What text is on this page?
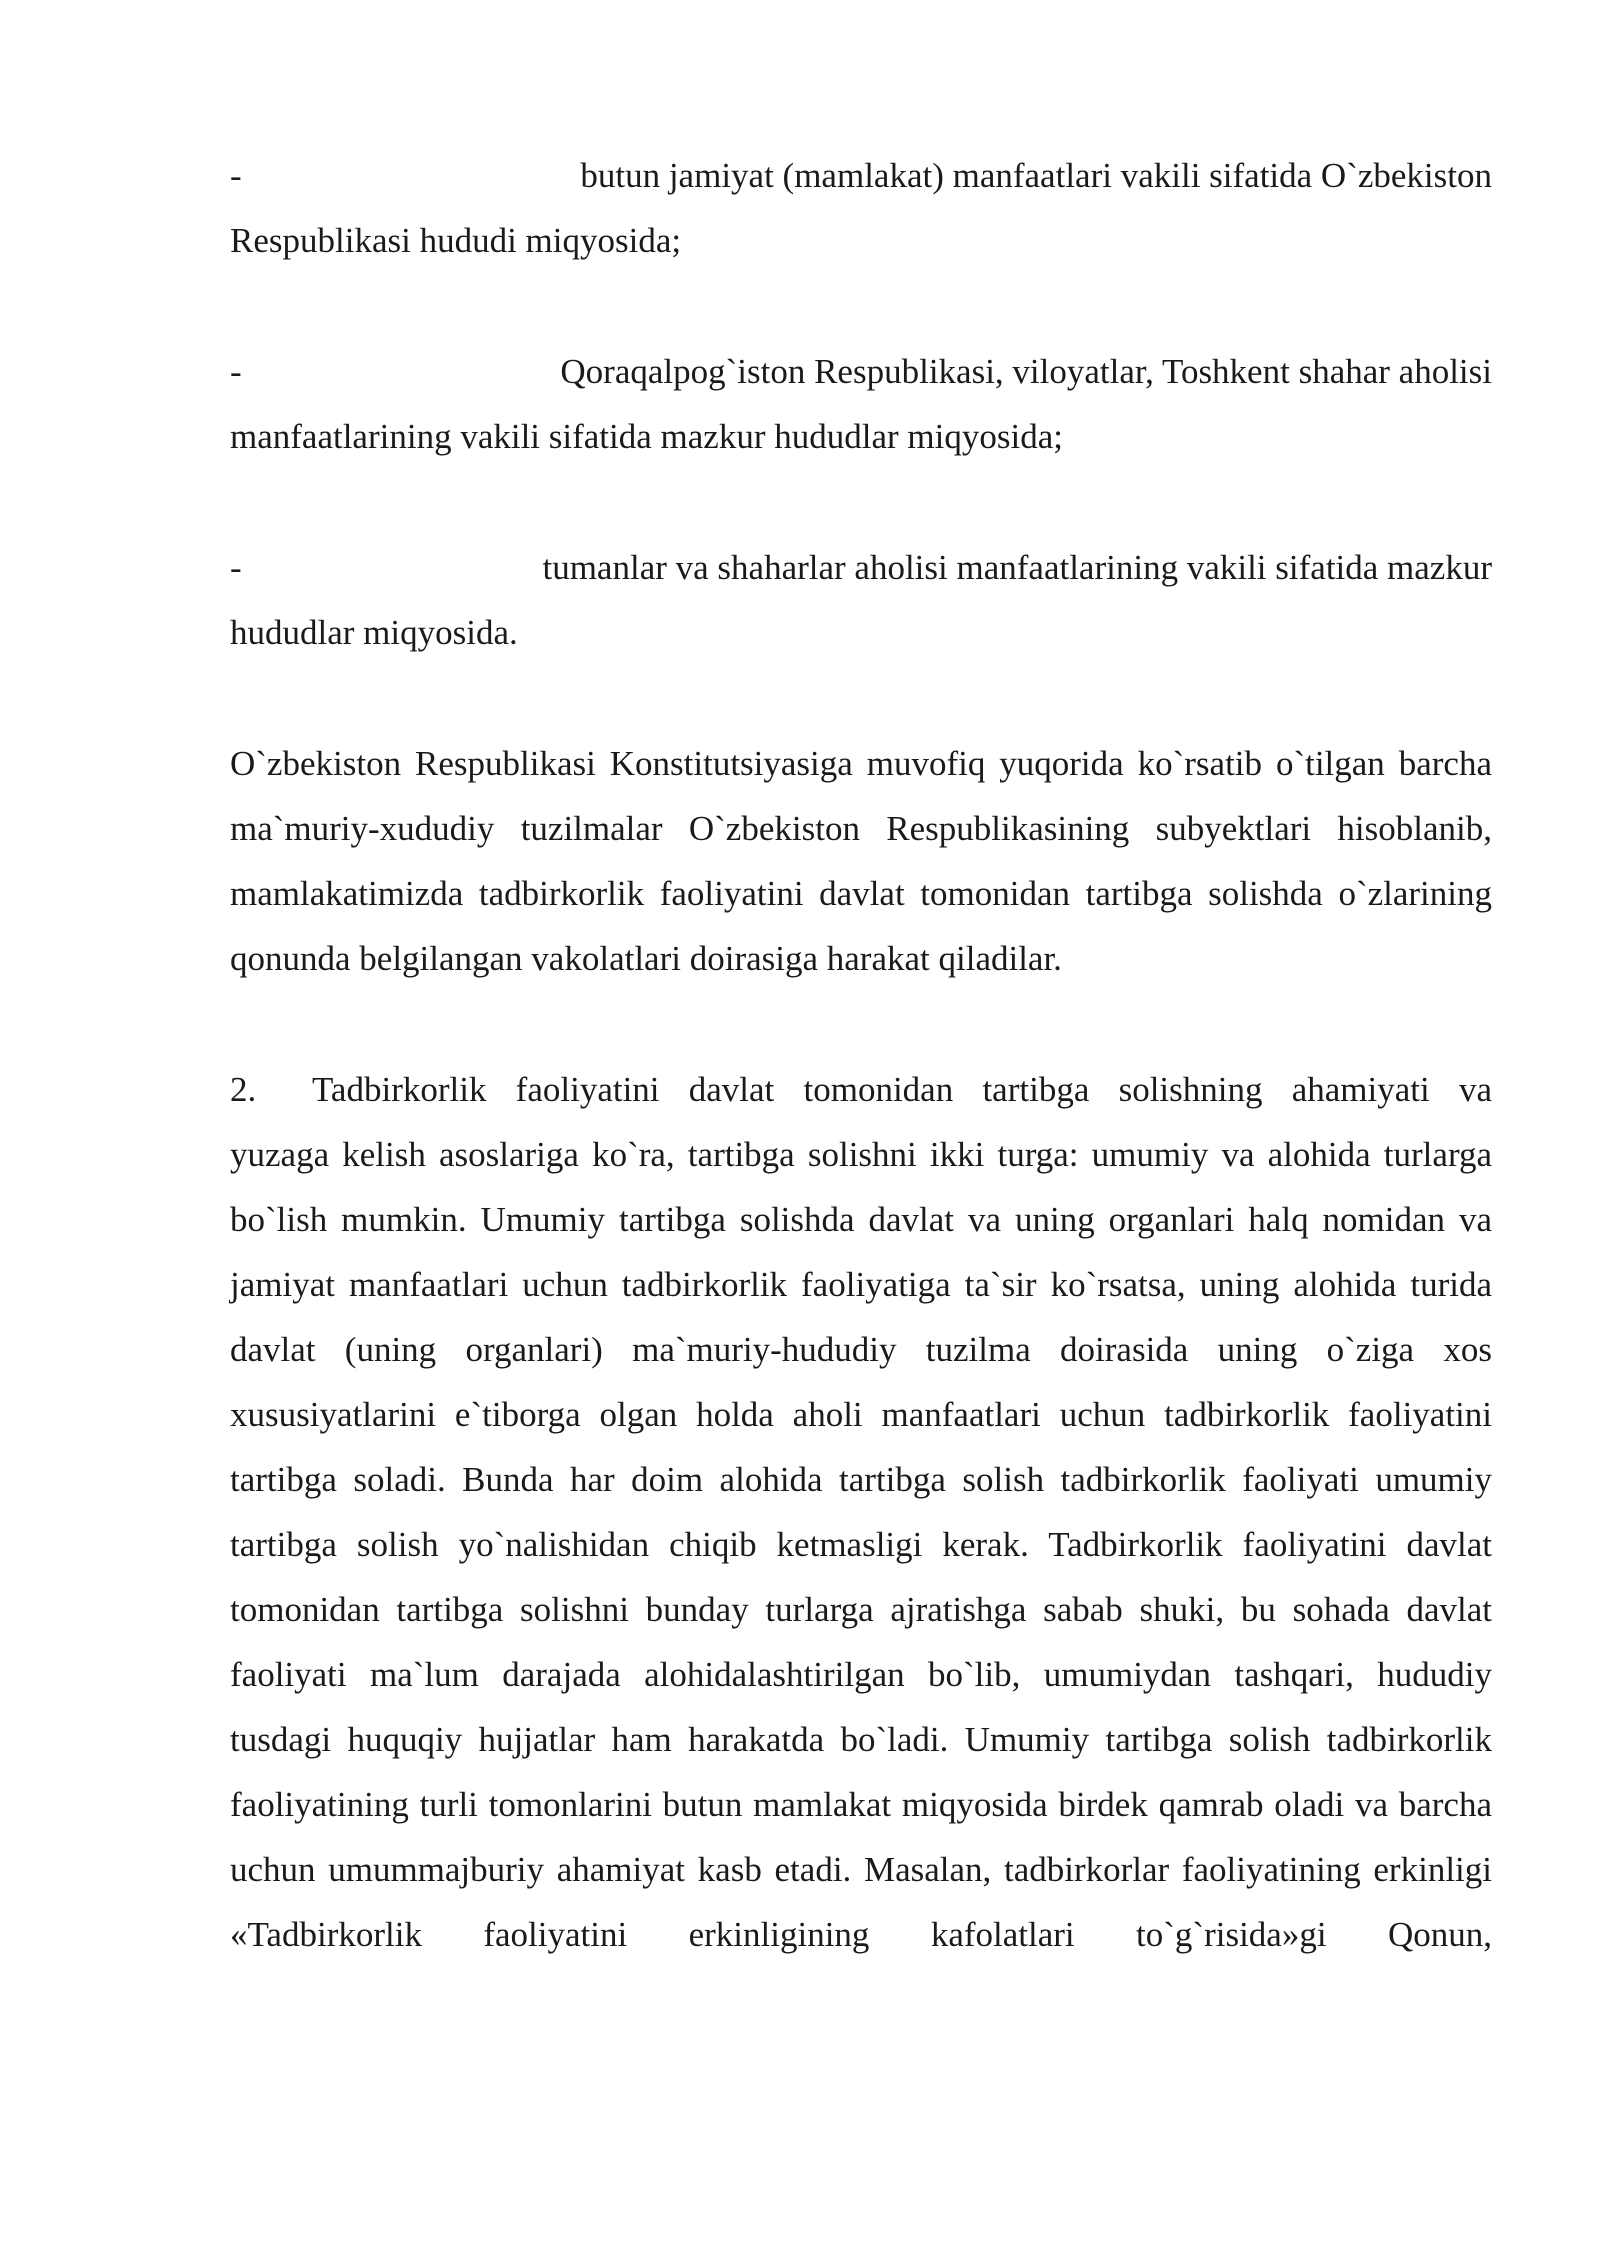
-	butun jamiyat (mamlakat) manfaatlari vakili sifatida O`zbekiston

Respublikasi hududi miqyosida;

-	Qoraqalpog`iston Respublikasi, viloyatlar, Toshkent shahar aholisi

manfaatlarining vakili sifatida mazkur hududlar miqyosida;

-	tumanlar va shaharlar aholisi manfaatlarining vakili sifatida mazkur

hududlar miqyosida.

O`zbekiston Respublikasi Konstitutsiyasiga muvofiq yuqorida ko`rsatib o`tilgan barcha ma`muriy-xududiy tuzilmalar O`zbekiston Respublikasining subyektlari hisoblanib, mamlakatimizda tadbirkorlik faoliyatini davlat tomonidan tartibga solishda o`zlarining qonunda belgilangan vakolatlari doirasiga harakat qiladilar.

2.	Tadbirkorlik faoliyatini davlat tomonidan tartibga solishning ahamiyati va

yuzaga kelish asoslariga ko`ra, tartibga solishni ikki turga: umumiy va alohida turlarga bo`lish mumkin. Umumiy tartibga solishda davlat va uning organlari halq nomidan va jamiyat manfaatlari uchun tadbirkorlik faoliyatiga ta`sir ko`rsatsa, uning alohida turida davlat (uning organlari) ma`muriy-hududiy tuzilma doirasida uning o`ziga xos xususiyatlarini e`tiborga olgan holda aholi manfaatlari uchun tadbirkorlik faoliyatini tartibga soladi. Bunda har doim alohida tartibga solish tadbirkorlik faoliyati umumiy tartibga solish yo`nalishidan chiqib ketmasligi kerak. Tadbirkorlik faoliyatini davlat tomonidan tartibga solishni bunday turlarga ajratishga sabab shuki, bu sohada davlat faoliyati ma`lum darajada alohidalashtirilgan bo`lib, umumiydan tashqari, hududiy tusdagi huquqiy hujjatlar ham harakatda bo`ladi. Umumiy tartibga solish tadbirkorlik faoliyatining turli tomonlarini butun mamlakat miqyosida birdek qamrab oladi va barcha uchun umummajburiy ahamiyat kasb etadi. Masalan, tadbirkorlar faoliyatining erkinligi «Tadbirkorlik faoliyatini erkinligining kafolatlari to`g`risida»gi Qonun,
